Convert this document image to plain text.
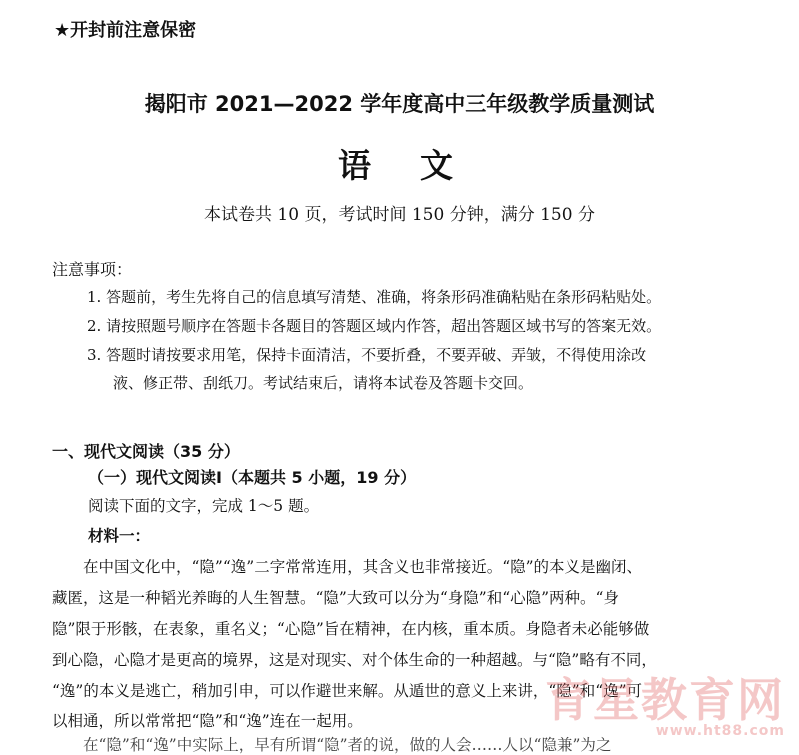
★开封前注意保密
揭阳市 2021—2022 学年度高中三年级教学质量测试
语　文
本试卷共 10 页，考试时间 150 分钟，满分 150 分
注意事项：
1. 答题前，考生先将自己的信息填写清楚、准确，将条形码准确粘贴在条形码粘贴处。
2. 请按照题号顺序在答题卡各题目的答题区域内作答，超出答题区域书写的答案无效。
3. 答题时请按要求用笔，保持卡面清洁，不要折叠，不要弄破、弄皱，不得使用涂改
液、修正带、刮纸刀。考试结束后，请将本试卷及答题卡交回。
一、现代文阅读（35 分）
（一）现代文阅读Ⅰ（本题共 5 小题，19 分）
阅读下面的文字，完成 1～5 题。
材料一：
　　在中国文化中，“隐”“逸”二字常常连用，其含义也非常接近。“隐”的本义是幽闭、
藏匿，这是一种韬光养晦的人生智慧。“隐”大致可以分为“身隐”和“心隐”两种。“身
隐”限于形骸，在表象，重名义；“心隐”旨在精神，在内核，重本质。身隐者未必能够做
到心隐，心隐才是更高的境界，这是对现实、对个体生命的一种超越。与“隐”略有不同，
“逸”的本义是逃亡，稍加引申，可以作避世来解。从遁世的意义上来讲，“隐”和“逸”可
以相通，所以常常把“隐”和“逸”连在一起用。
　　在“隐”和“逸”中实际上，早有所谓“隐”者的说，做的人会……人以“隐兼”为之
育星教育网
www.ht88.com
